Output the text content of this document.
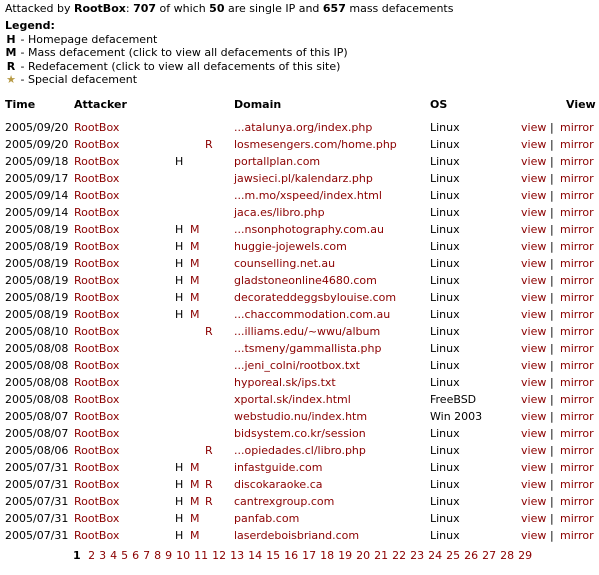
Attacked by RootBox: 707 of which 50 are single IP and 657 mass defacements
Legend:
H - Homepage defacement
M - Mass defacement (click to view all defacements of this IP)
R - Redefacement (click to view all defacements of this site)
★ - Special defacement
Time	Attacker	Domain	OS	View
2005/09/20 RootBox	...atalunya.org/index.php	Linux	view | mirror
2005/09/20 RootBox	R losmesengers.com/home.php	Linux	view | mirror
2005/09/18 RootBox	H	portallplan.com	Linux	view | mirror
2005/09/17 RootBox	jawsieci.pl/kalendarz.php	Linux	view | mirror
2005/09/14 RootBox	...m.mo/xspeed/index.html	Linux	view | mirror
2005/09/14 RootBox	jaca.es/libro.php	Linux	view | mirror
2005/08/19 RootBox	H M	...nsonphotography.com.au	Linux	view | mirror
2005/08/19 RootBox	H M	huggie-jojewels.com	Linux	view | mirror
2005/08/19 RootBox	H M	counselling.net.au	Linux	view | mirror
2005/08/19 RootBox	H M	gladstoneonline4680.com	Linux	view | mirror
2005/08/19 RootBox	H M	decorateddeggsbylouise.com	Linux	view | mirror
2005/08/19 RootBox	H M	...chaccommodation.com.au	Linux	view | mirror
2005/08/10 RootBox	R ...illiams.edu/~wwu/album	Linux	view | mirror
2005/08/08 RootBox	...tsmeny/gammallista.php	Linux	view | mirror
2005/08/08 RootBox	...jeni_colni/rootbox.txt	Linux	view | mirror
2005/08/08 RootBox	hyporeal.sk/ips.txt	Linux	view | mirror
2005/08/08 RootBox	xportal.sk/index.html	FreeBSD	view | mirror
2005/08/07 RootBox	webstudio.nu/index.htm	Win 2003	view | mirror
2005/08/07 RootBox	bidsystem.co.kr/session	Linux	view | mirror
2005/08/06 RootBox	R ...opiedades.cl/libro.php	Linux	view | mirror
2005/07/31 RootBox	H M	infastguide.com	Linux	view | mirror
2005/07/31 RootBox	H M R discokaraoke.ca	Linux	view | mirror
2005/07/31 RootBox	H M R cantrexgroup.com	Linux	view | mirror
2005/07/31 RootBox	H M	panfab.com	Linux	view | mirror
2005/07/31 RootBox	H M	laserdeboisbriand.com	Linux	view | mirror
1 2 3 4 5 6 7 8 9 10 11 12 13 14 15 16 17 18 19 20 21 22 23 24 25 26 27 28 29
